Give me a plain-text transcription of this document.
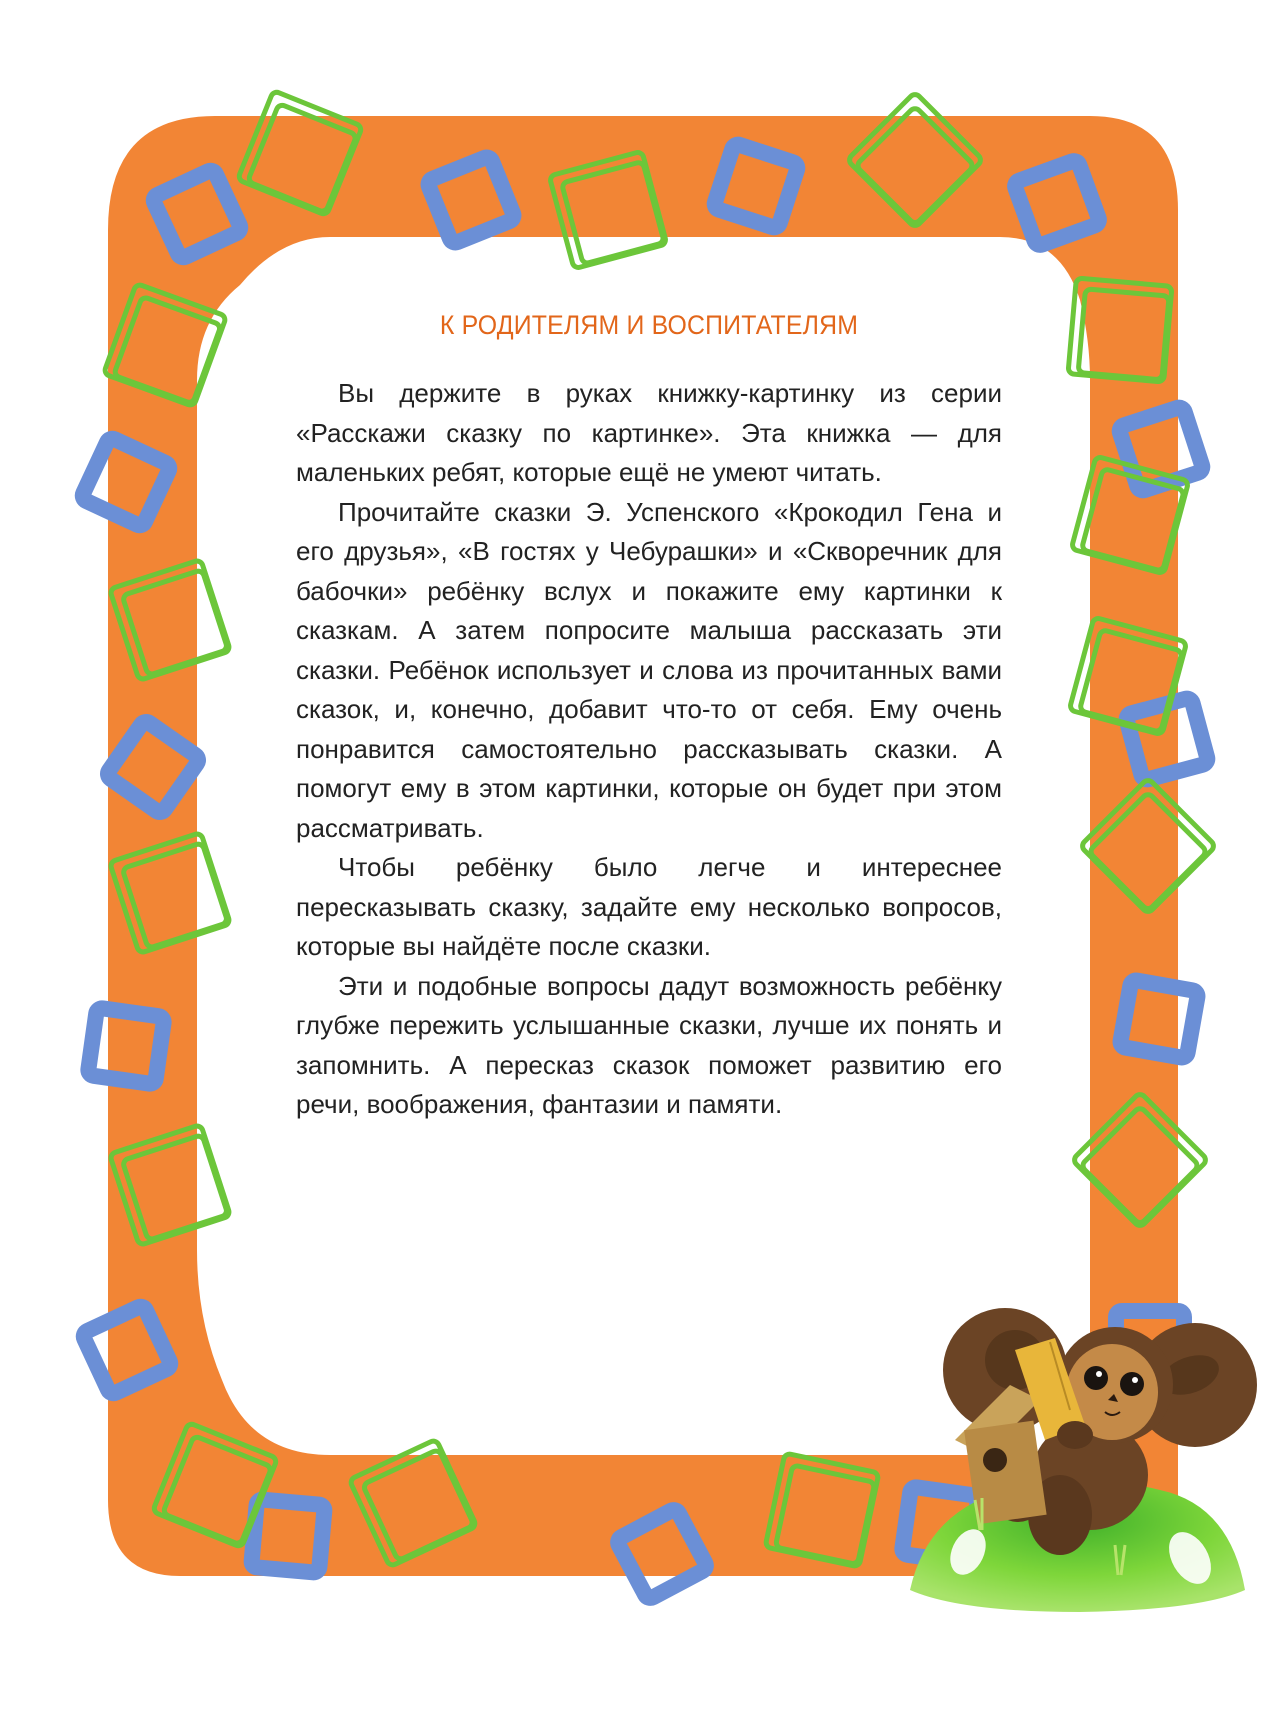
К РОДИТЕЛЯМ И ВОСПИТАТЕЛЯМ

Вы держите в руках книжку-картинку из серии «Расскажи сказку по картинке». Эта книжка — для маленьких ребят, которые ещё не умеют читать.

Прочитайте сказки Э. Успенского «Крокодил Гена и его друзья», «В гостях у Чебурашки» и «Скворечник для бабочки» ребёнку вслух и покажите ему картинки к сказкам. А затем попросите малыша рассказать эти сказки. Ребёнок использует и слова из прочитанных вами сказок, и, конечно, добавит что-то от себя. Ему очень понравится самостоятельно рассказывать сказки. А помогут ему в этом картинки, которые он будет при этом рассматривать.

Чтобы ребёнку было легче и интереснее пересказывать сказку, задайте ему несколько вопросов, которые вы найдёте после сказки.

Эти и подобные вопросы дадут возможность ребёнку глубже пережить услышанные сказки, лучше их понять и запомнить. А пересказ сказок поможет развитию его речи, воображения, фантазии и памяти.
